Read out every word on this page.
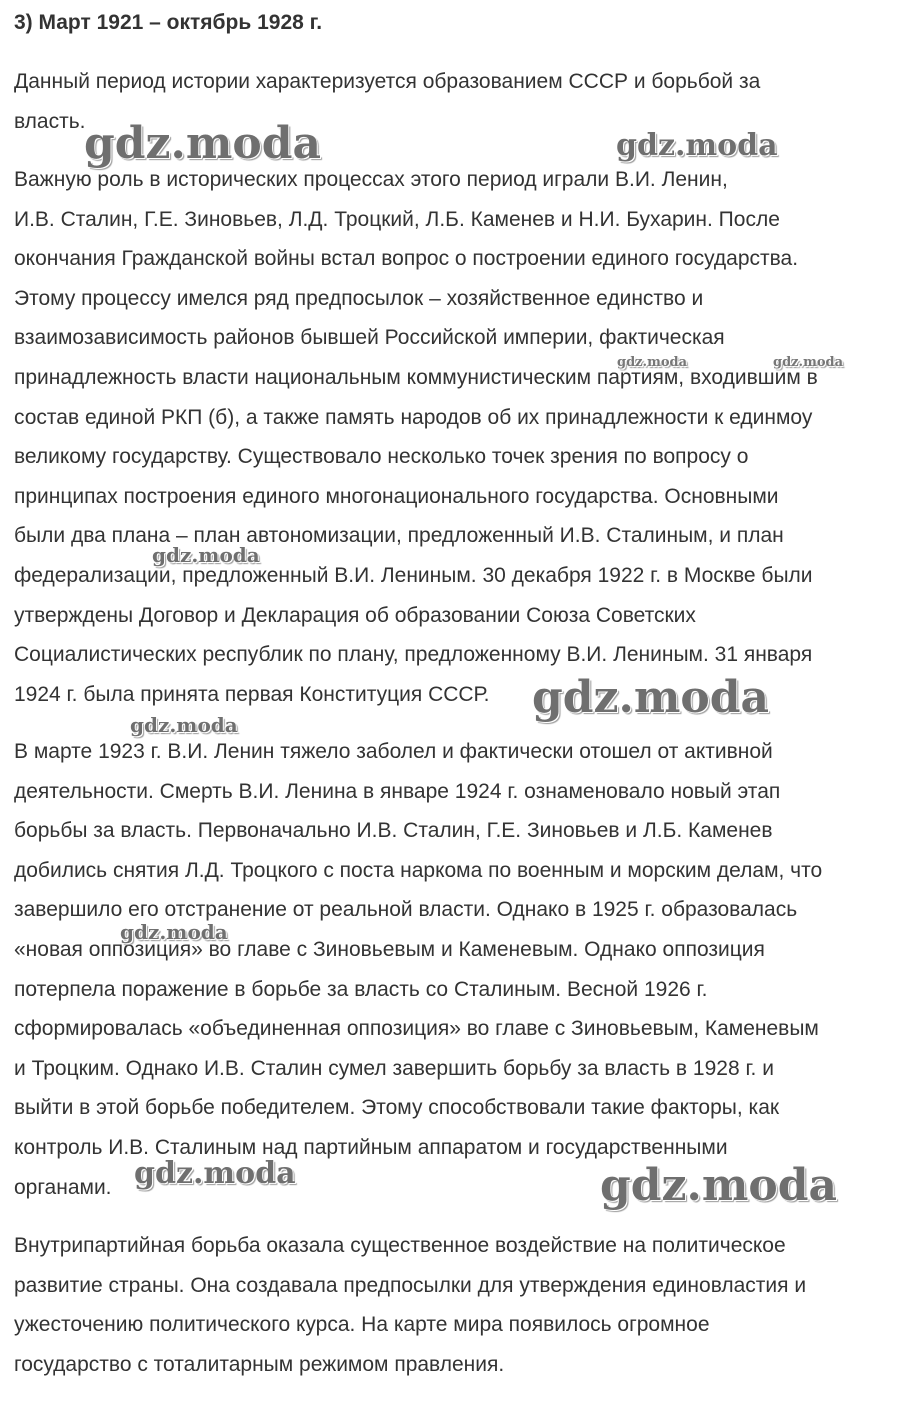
3) Март 1921 – октябрь 1928 г.

Данный период истории характеризуется образованием СССР и борьбой за
власть.

Важную роль в исторических процессах этого период играли В.И. Ленин,
И.В. Сталин, Г.Е. Зиновьев, Л.Д. Троцкий, Л.Б. Каменев и Н.И. Бухарин. После
окончания Гражданской войны встал вопрос о построении единого государства.
Этому процессу имелся ряд предпосылок – хозяйственное единство и
взаимозависимость районов бывшей Российской империи, фактическая
принадлежность власти национальным коммунистическим партиям, входившим в
состав единой РКП (б), а также память народов об их принадлежности к единмоу
великому государству. Существовало несколько точек зрения по вопросу о
принципах построения единого многонационального государства. Основными
были два плана – план автономизации, предложенный И.В. Сталиным, и план
федерализации, предложенный В.И. Лениным. 30 декабря 1922 г. в Москве были
утверждены Договор и Декларация об образовании Союза Советских
Социалистических республик по плану, предложенному В.И. Лениным. 31 января
1924 г. была принята первая Конституция СССР.

В марте 1923 г. В.И. Ленин тяжело заболел и фактически отошел от активной
деятельности. Смерть В.И. Ленина в январе 1924 г. ознаменовало новый этап
борьбы за власть. Первоначально И.В. Сталин, Г.Е. Зиновьев и Л.Б. Каменев
добились снятия Л.Д. Троцкого с поста наркома по военным и морским делам, что
завершило его отстранение от реальной власти. Однако в 1925 г. образовалась
«новая оппозиция» во главе с Зиновьевым и Каменевым. Однако оппозиция
потерпела поражение в борьбе за власть со Сталиным. Весной 1926 г.
сформировалась «объединенная оппозиция» во главе с Зиновьевым, Каменевым
и Троцким. Однако И.В. Сталин сумел завершить борьбу за власть в 1928 г. и
выйти в этой борьбе победителем. Этому способствовали такие факторы, как
контроль И.В. Сталиным над партийным аппаратом и государственными
органами.

Внутрипартийная борьба оказала существенное воздействие на политическое
развитие страны. Она создавала предпосылки для утверждения единовластия и
ужесточению политического курса. На карте мира появилось огромное
государство с тоталитарным режимом правления.

gdz.moda	gdz.moda
gdz.moda	gdz.moda
gdz.moda
gdz.moda
gdz.moda
gdz.moda
gdz.moda	gdz.moda
